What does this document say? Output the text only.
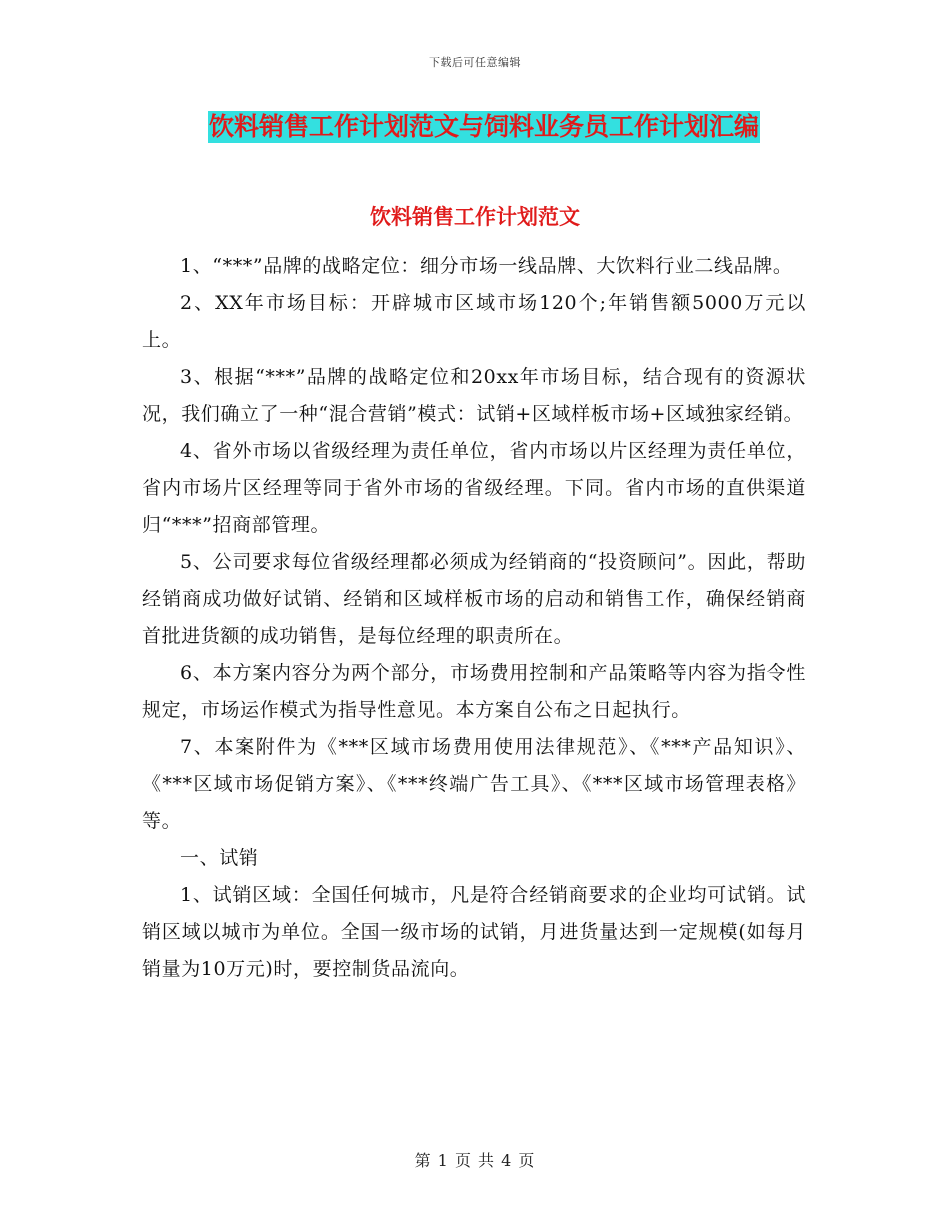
下载后可任意编辑
饮料销售工作计划范文与饲料业务员工作计划汇编
饮料销售工作计划范文

1、“***”品牌的战略定位：细分市场一线品牌、大饮料行业二线品牌。

2、XX年市场目标：开辟城市区域市场120个;年销售额5000万元以上。

3、根据“***”品牌的战略定位和20xx年市场目标，结合现有的资源状况，我们确立了一种“混合营销”模式：试销+区域样板市场+区域独家经销。

4、省外市场以省级经理为责任单位，省内市场以片区经理为责任单位，省内市场片区经理等同于省外市场的省级经理。下同。省内市场的直供渠道归“***”招商部管理。

5、公司要求每位省级经理都必须成为经销商的“投资顾问”。因此，帮助经销商成功做好试销、经销和区域样板市场的启动和销售工作，确保经销商首批进货额的成功销售，是每位经理的职责所在。

6、本方案内容分为两个部分，市场费用控制和产品策略等内容为指令性规定，市场运作模式为指导性意见。本方案自公布之日起执行。

7、本案附件为《***区域市场费用使用法律规范》、《***产品知识》、《***区域市场促销方案》、《***终端广告工具》、《***区域市场管理表格》等。

一、试销

1、试销区域：全国任何城市，凡是符合经销商要求的企业均可试销。试销区域以城市为单位。全国一级市场的试销，月进货量达到一定规模(如每月销量为10万元)时，要控制货品流向。

第 1 页 共 4 页
